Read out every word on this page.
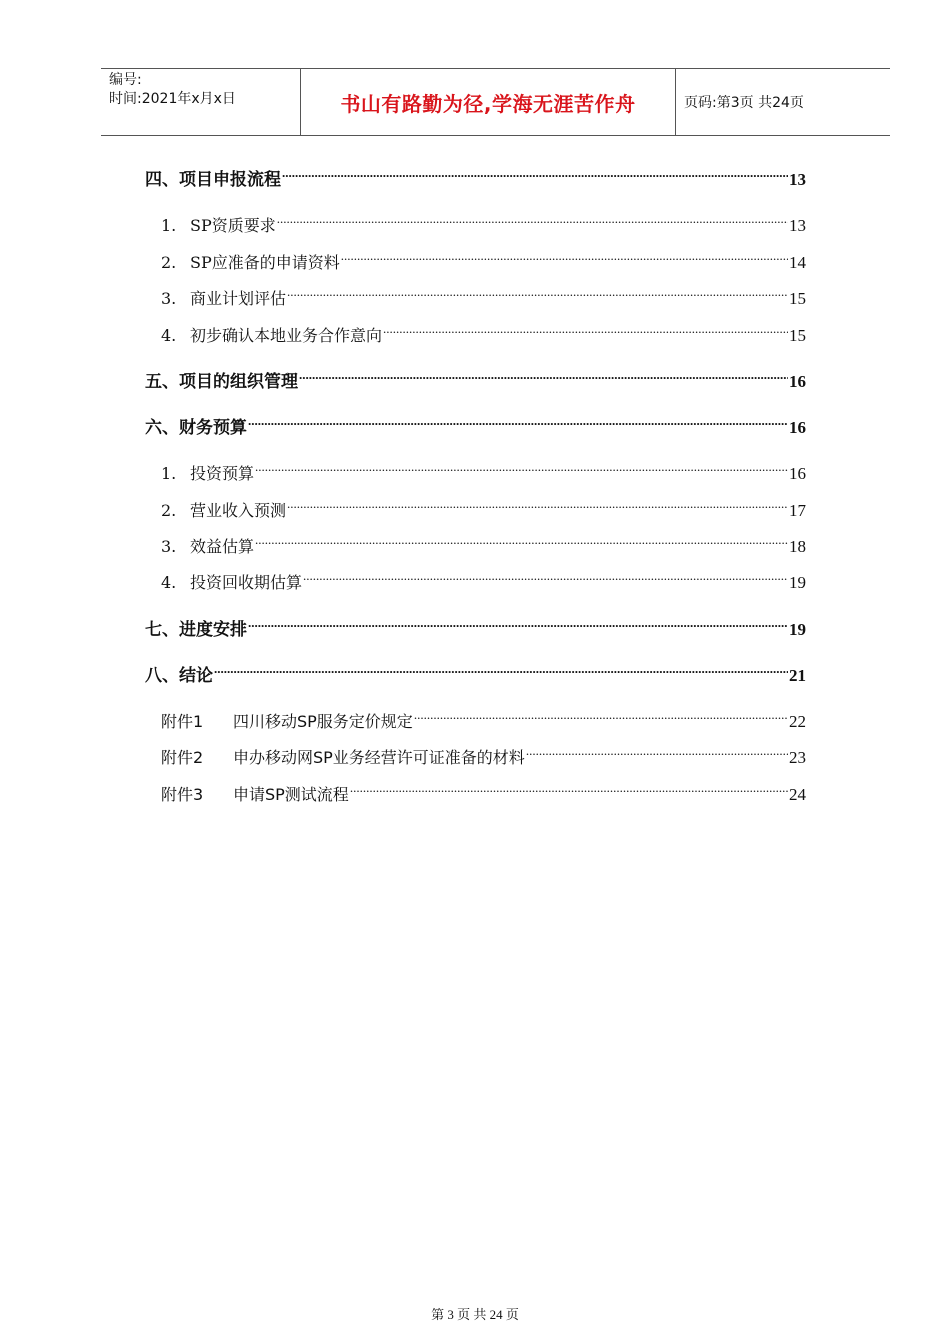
编号:
时间:2021年x月x日	书山有路勤为径,学海无涯苦作舟	页码:第3页 共24页
四、项目申报流程 .....	13
1. SP资质要求 .....	13
2. SP应准备的申请资料 .....	14
3. 商业计划评估 .....	15
4. 初步确认本地业务合作意向 .....	15
五、项目的组织管理 .....	16
六、财务预算 .....	16
1. 投资预算 .....	16
2. 营业收入预测 .....	17
3. 效益估算 .....	18
4. 投资回收期估算 .....	19
七、进度安排 .....	19
八、结论 .....	21
附件1	四川移动SP服务定价规定 .....	22
附件2	申办移动网SP业务经营许可证准备的材料 .....	23
附件3	申请SP测试流程 .....	24
第 3 页 共 24 页
